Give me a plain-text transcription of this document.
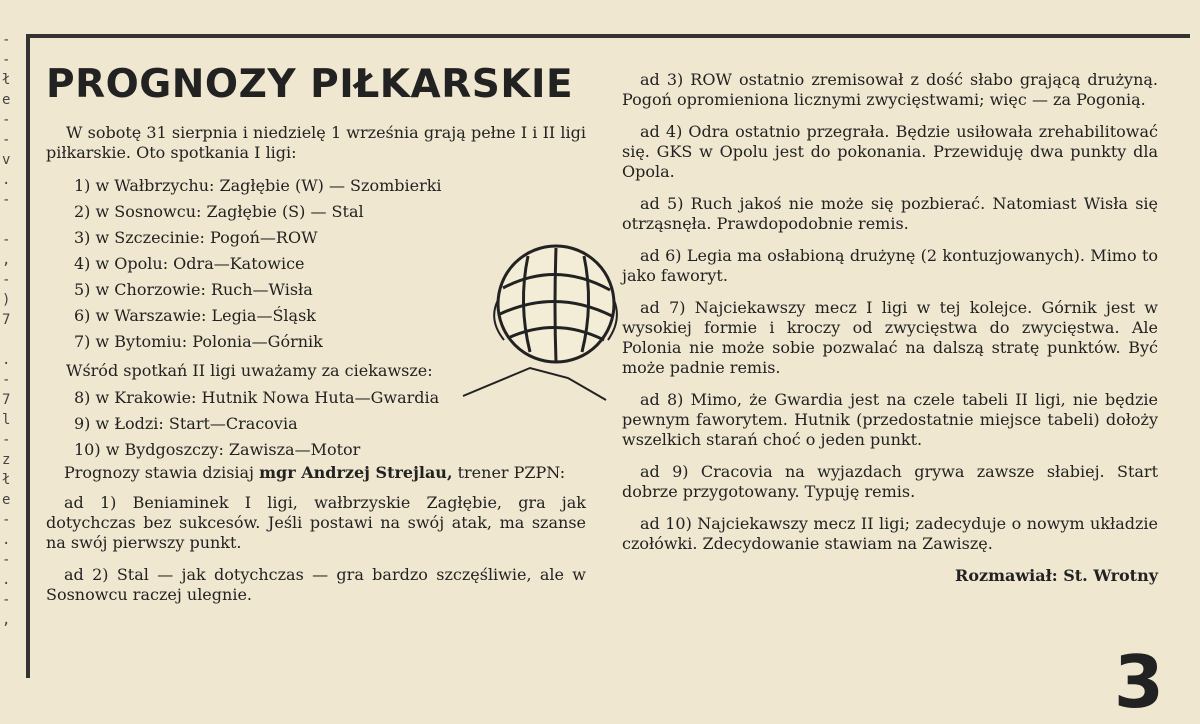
-
-
ł
e
-
-
v
.
-
-
,
-
)
7
.
-
7
l
-
z
ł
e
-
.
-
.
-
,
PROGNOZY PIŁKARSKIE

W sobotę 31 sierpnia i niedzielę 1 września grają pełne I i II ligi piłkarskie. Oto spotkania I ligi:

1) w Wałbrzychu: Zagłębie (W) — Szombierki
2) w Sosnowcu: Zagłębie (S) — Stal
3) w Szczecinie: Pogoń—ROW
4) w Opolu: Odra—Katowice
5) w Chorzowie: Ruch—Wisła
6) w Warszawie: Legia—Śląsk
7) w Bytomiu: Polonia—Górnik

Wśród spotkań II ligi uważamy za ciekawsze:

8) w Krakowie: Hutnik Nowa Huta—Gwardia
9) w Łodzi: Start—Cracovia
10) w Bydgoszczy: Zawisza—Motor

Prognozy stawia dzisiaj mgr Andrzej Strejlau, trener PZPN:

ad 1) Beniaminek I ligi, wałbrzyskie Zagłębie, gra jak dotychczas bez sukcesów. Jeśli postawi na swój atak, ma szanse na swój pierwszy punkt.

ad 2) Stal — jak dotychczas — gra bardzo szczęśliwie, ale w Sosnowcu raczej ulegnie.

ad 3) ROW ostatnio zremisował z dość słabo grającą drużyną. Pogoń opromieniona licznymi zwycięstwami; więc — za Pogonią.

ad 4) Odra ostatnio przegrała. Będzie usiłowała zrehabilitować się. GKS w Opolu jest do pokonania. Przewiduję dwa punkty dla Opola.

ad 5) Ruch jakoś nie może się pozbierać. Natomiast Wisła się otrząsnęła. Prawdopodobnie remis.

ad 6) Legia ma osłabioną drużynę (2 kontuzjowanych). Mimo to jako faworyt.

ad 7) Najciekawszy mecz I ligi w tej kolejce. Górnik jest w wysokiej formie i kroczy od zwycięstwa do zwycięstwa. Ale Polonia nie może sobie pozwalać na dalszą stratę punktów. Być może padnie remis.

ad 8) Mimo, że Gwardia jest na czele tabeli II ligi, nie będzie pewnym faworytem. Hutnik (przedostatnie miejsce tabeli) dołoży wszelkich starań choć o jeden punkt.

ad 9) Cracovia na wyjazdach grywa zawsze słabiej. Start dobrze przygotowany. Typuję remis.

ad 10) Najciekawszy mecz II ligi; zadecyduje o nowym układzie czołówki. Zdecydowanie stawiam na Zawiszę.

Rozmawiał: St. Wrotny

3
